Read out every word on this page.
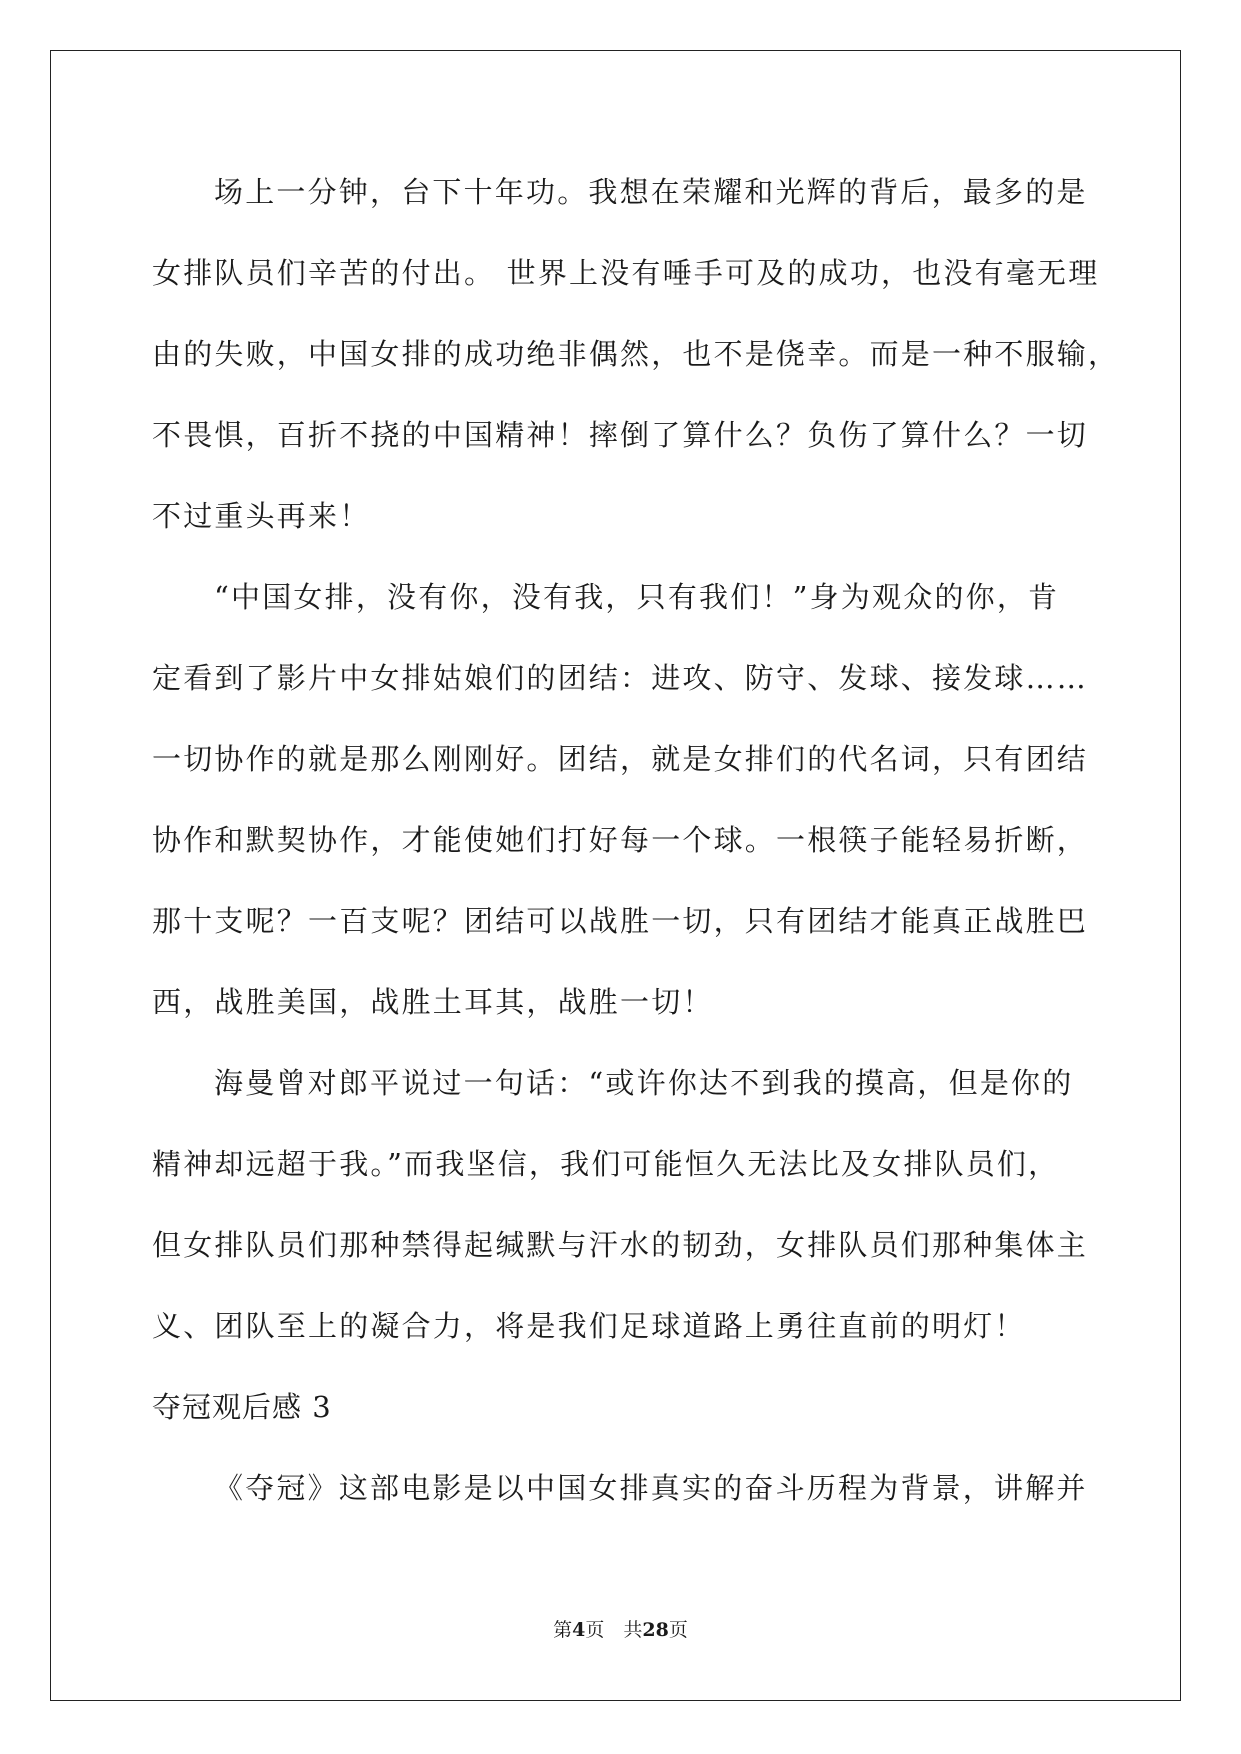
场上一分钟，台下十年功。我想在荣耀和光辉的背后，最多的是
女排队员们辛苦的付出。 世界上没有唾手可及的成功，也没有毫无理
由的失败，中国女排的成功绝非偶然，也不是侥幸。而是一种不服输，
不畏惧，百折不挠的中国精神！摔倒了算什么？负伤了算什么？一切
不过重头再来！
“中国女排，没有你，没有我，只有我们！”身为观众的你，肯
定看到了影片中女排姑娘们的团结：进攻、防守、发球、接发球……
一切协作的就是那么刚刚好。团结，就是女排们的代名词，只有团结
协作和默契协作，才能使她们打好每一个球。一根筷子能轻易折断，
那十支呢？一百支呢？团结可以战胜一切，只有团结才能真正战胜巴
西，战胜美国，战胜土耳其，战胜一切！
海曼曾对郎平说过一句话：“或许你达不到我的摸高，但是你的
精神却远超于我。”而我坚信，我们可能恒久无法比及女排队员们，
但女排队员们那种禁得起缄默与汗水的韧劲，女排队员们那种集体主
义、团队至上的凝合力，将是我们足球道路上勇往直前的明灯！
夺冠观后感 3
《夺冠》这部电影是以中国女排真实的奋斗历程为背景，讲解并
第4页　共28页
